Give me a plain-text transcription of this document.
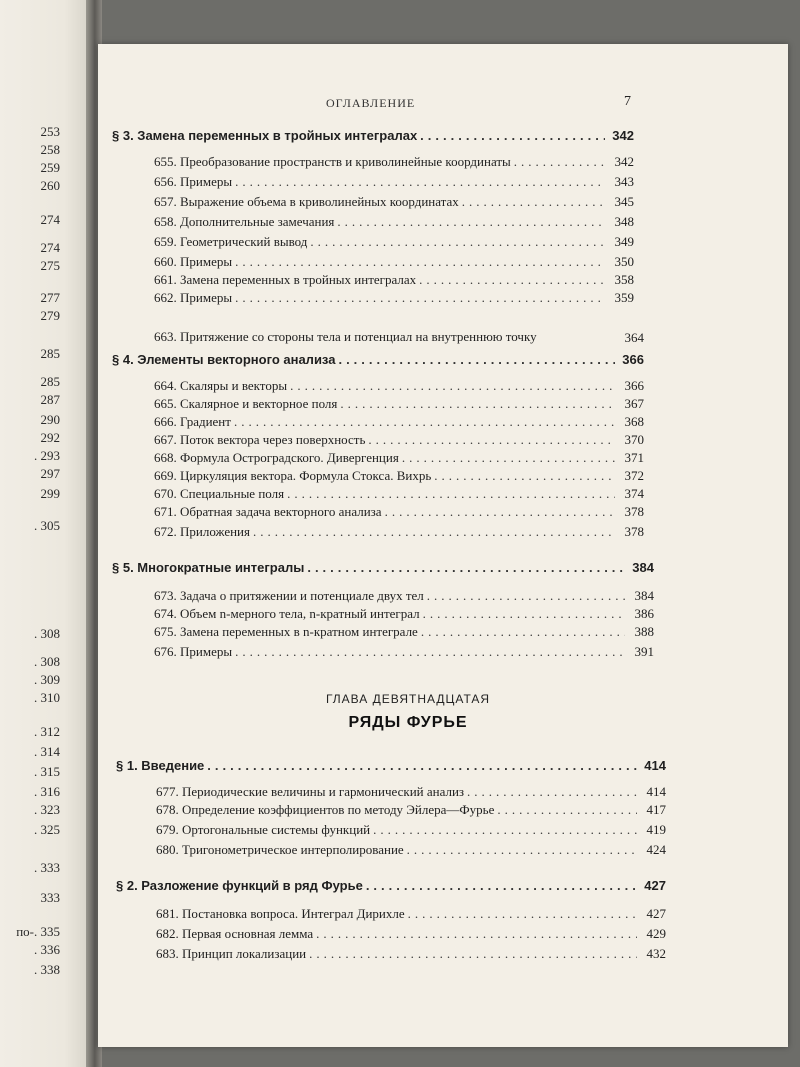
253
258
259
260
274
274
275
277
279
285
285
287
290
292
. 293
297
299
. 305
. 308
. 308
. 309
. 310
. 312
. 314
. 315
. 316
. 323
. 325
. 333
333
по-. 335
. 336
. 338
ОГЛАВЛЕНИЕ	7
§ 3. Замена переменных в тройных интегралах .....	342
655. Преобразование пространств и криволинейные координаты .....	342
656. Примеры .....	343
657. Выражение объема в криволинейных координатах .....	345
658. Дополнительные замечания .....	348
659. Геометрический вывод .....	349
660. Примеры .....	350
661. Замена переменных в тройных интегралах .....	358
662. Примеры .....	359
663. Притяжение со стороны тела и потенциал на внутреннюю точку	364
§ 4. Элементы векторного анализа .....	366
664. Скаляры и векторы .....	366
665. Скалярное и векторное поля .....	367
666. Градиент .....	368
667. Поток вектора через поверхность .....	370
668. Формула Остроградского. Дивергенция .....	371
669. Циркуляция вектора. Формула Стокса. Вихрь .....	372
670. Специальные поля .....	374
671. Обратная задача векторного анализа .....	378
672. Приложения .....	378
§ 5. Многократные интегралы .....	384
673. Задача о притяжении и потенциале двух тел .....	384
674. Объем n-мерного тела, n-кратный интеграл .....	386
675. Замена переменных в n-кратном интеграле .....	388
676. Примеры .....	391
ГЛАВА ДЕВЯТНАДЦАТАЯ
РЯДЫ ФУРЬЕ
§ 1. Введение .....	414
677. Периодические величины и гармонический анализ .....	414
678. Определение коэффициентов по методу Эйлера—Фурье .....	417
679. Ортогональные системы функций .....	419
680. Тригонометрическое интерполирование .....	424
§ 2. Разложение функций в ряд Фурье .....	427
681. Постановка вопроса. Интеграл Дирихле .....	427
682. Первая основная лемма .....	429
683. Принцип локализации .....	432
